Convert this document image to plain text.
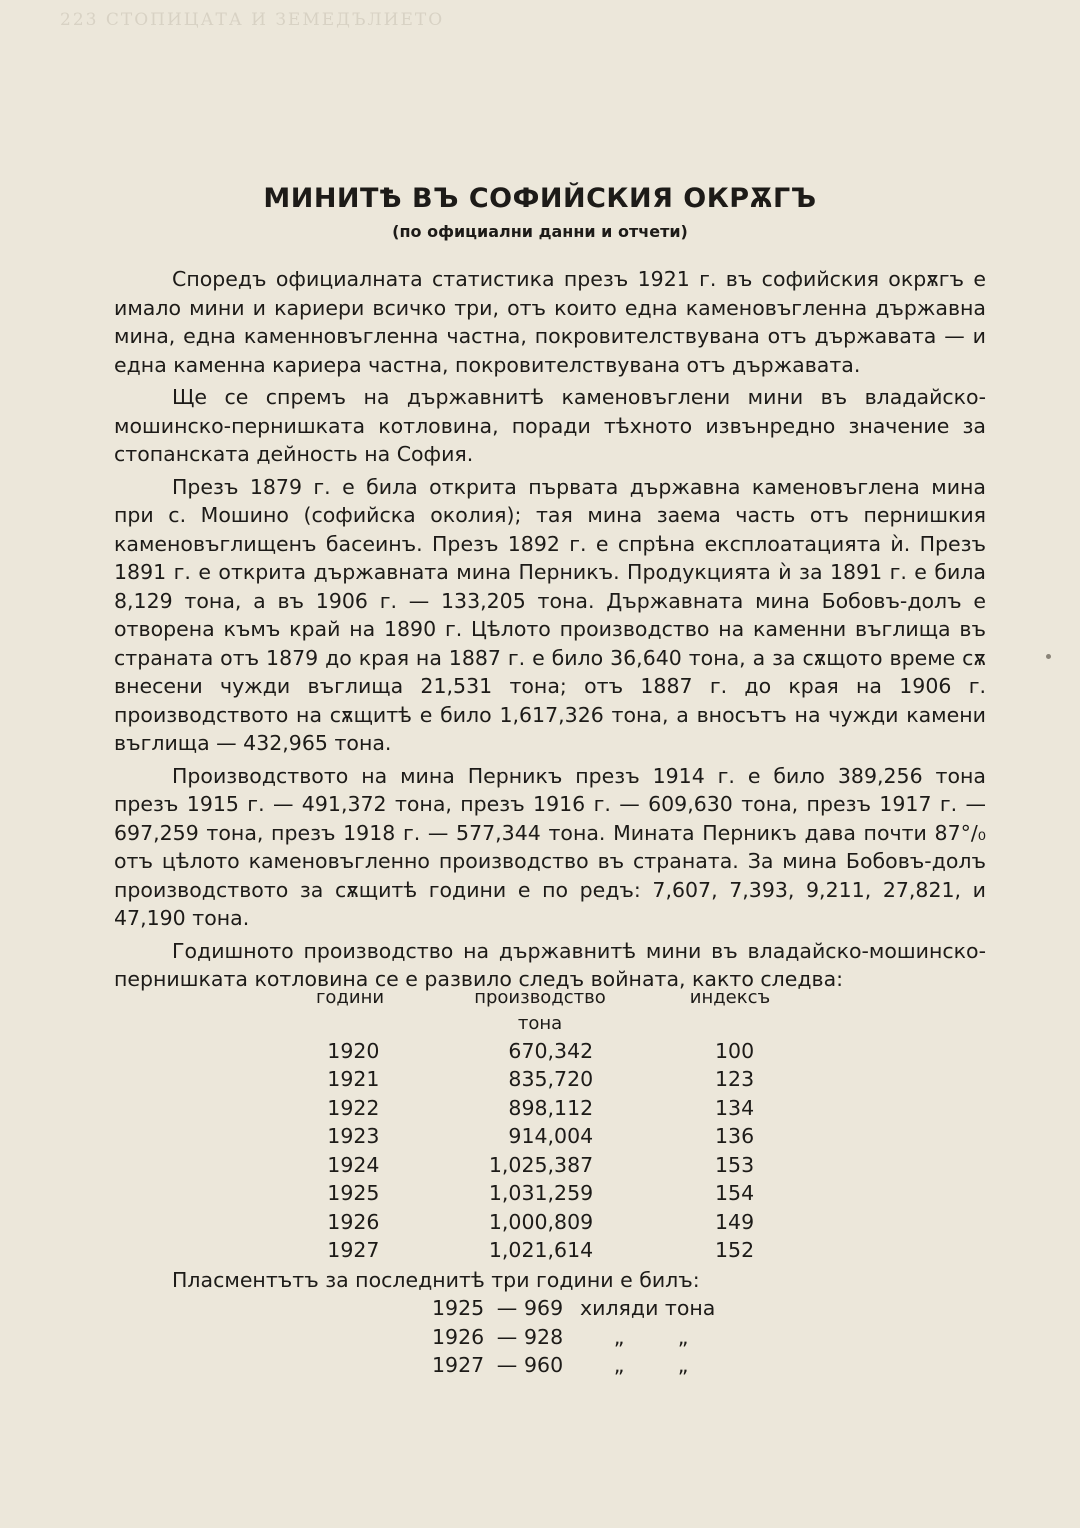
223 СТОПИЦАТА И ЗЕМЕДЪЛИЕТО
МИНИТѢ ВЪ СОФИЙСКИЯ ОКРѪГЪ
(по официални данни и отчети)

Споредъ официалната статистика презъ 1921 г. въ софийския окрѫгъ е имало мини и кариери всичко три, отъ които една каменовъгленна държавна мина, една каменновъгленна частна, покровителствувана отъ държавата — и една каменна кариера частна, покровителствувана отъ държавата.

Ще се спремъ на държавнитѣ каменовъглени мини въ владайско-мошинско-пернишката котловина, поради тѣхното извънредно значение за стопанската дейность на София.

Презъ 1879 г. е била открита първата държавна каменовъглена мина при с. Мошино (софийска околия); тая мина заема часть отъ пернишкия каменовъглищенъ басеинъ. Презъ 1892 г. е спрѣна експлоатацията ѝ. Презъ 1891 г. е открита държавната мина Перникъ. Продукцията ѝ за 1891 г. е била 8,129 тона, а въ 1906 г. — 133,205 тона. Държавната мина Бобовъ-долъ е отворена къмъ край на 1890 г. Цѣлото производство на каменни въглища въ страната отъ 1879 до края на 1887 г. е било 36,640 тона, а за сѫщото време сѫ внесени чужди въглища 21,531 тона; отъ 1887 г. до края на 1906 г. производството на сѫщитѣ е било 1,617,326 тона, а вносътъ на чужди камени въглища — 432,965 тона.

Производството на мина Перникъ презъ 1914 г. е било 389,256 тона презъ 1915 г. — 491,372 тона, презъ 1916 г. — 609,630 тона, презъ 1917 г. — 697,259 тона, презъ 1918 г. — 577,344 тона. Мината Перникъ дава почти 87°/₀ отъ цѣлото каменовъгленно производство въ страната. За мина Бобовъ-долъ производството за сѫщитѣ години е по редъ: 7,607, 7,393, 9,211, 27,821, и 47,190 тона.

Годишното производство на държавнитѣ мини въ владайско-мошинско-пернишката котловина се е развило следъ войната, както следва:

години	производство	индексъ
тона
1920	670,342	100
1921	835,720	123
1922	898,112	134
1923	914,004	136
1924	1,025,387	153
1925	1,031,259	154
1926	1,000,809	149
1927	1,021,614	152
Пласментътъ за последнитѣ три години е билъ:
1925 — 969 хиляди тона
1926 — 928	„	„
1927 — 960	„	„
